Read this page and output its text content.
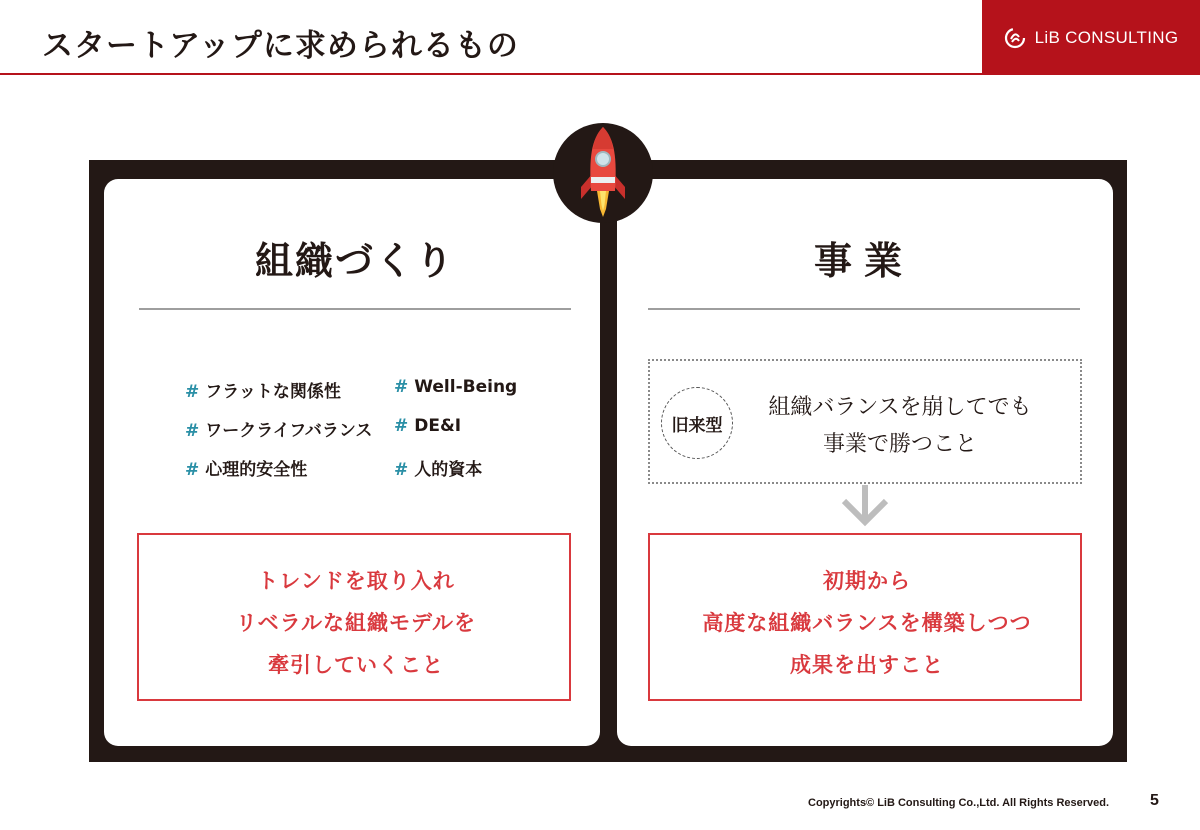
スタートアップに求められるもの	LiB CONSULTING
組織づくり	事業
# フラットな関係性	# Well-Being
# ワークライフバランス # DE&I
# 心理的安全性	# 人的資本
旧来型
組織バランスを崩してでも
事業で勝つこと
トレンドを取り入れ
リベラルな組織モデルを
牽引していくこと
初期から
高度な組織バランスを構築しつつ
成果を出すこと
Copyrights© LiB Consulting Co.,Ltd. All Rights Reserved.	5
